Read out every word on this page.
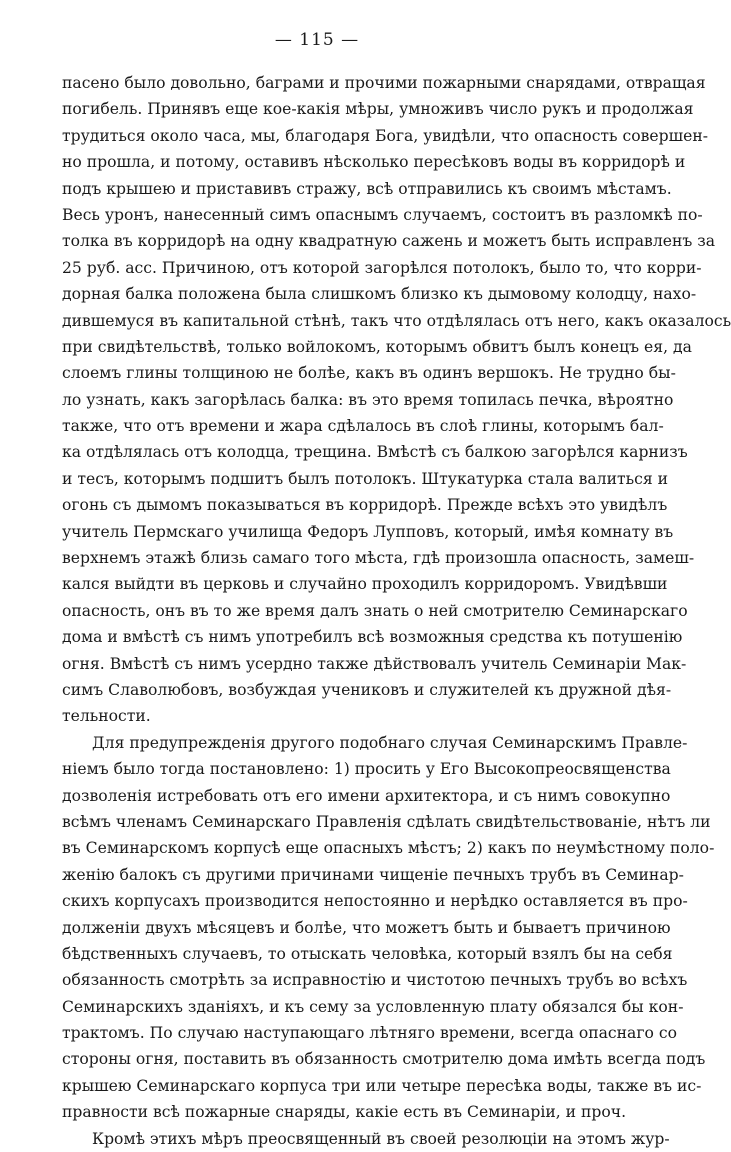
— 115 —
пасено было довольно, баграми и прочими пожарными снарядами, отвращая
погибель. Принявъ еще кое-какія мѣры, умноживъ число рукъ и продолжая
трудиться около часа, мы, благодаря Бога, увидѣли, что опасность совершен-
но прошла, и потому, оставивъ нѣсколько пересѣковъ воды въ корридорѣ и
подъ крышею и приставивъ стражу, всѣ отправились къ своимъ мѣстамъ.
Весь уронъ, нанесенный симъ опаснымъ случаемъ, состоитъ въ разломкѣ по-
толка въ корридорѣ на одну квадратную сажень и можетъ быть исправленъ за
25 руб. асс. Причиною, отъ которой загорѣлся потолокъ, было то, что корри-
дорная балка положена была слишкомъ близко къ дымовому колодцу, нахо-
дившемуся въ капитальной стѣнѣ, такъ что отдѣлялась отъ него, какъ оказалось
при свидѣтельствѣ, только войлокомъ, которымъ обвитъ былъ конецъ ея, да
слоемъ глины толщиною не болѣе, какъ въ одинъ вершокъ. Не трудно бы-
ло узнать, какъ загорѣлась балка: въ это время топилась печка, вѣроятно
также, что отъ времени и жара сдѣлалось въ слоѣ глины, которымъ бал-
ка отдѣлялась отъ колодца, трещина. Вмѣстѣ съ балкою загорѣлся карнизъ
и тесъ, которымъ подшитъ былъ потолокъ. Штукатурка стала валиться и
огонь съ дымомъ показываться въ корридорѣ. Прежде всѣхъ это увидѣлъ
учитель Пермскаго училища Федоръ Лупповъ, который, имѣя комнату въ
верхнемъ этажѣ близь самаго того мѣста, гдѣ произошла опасность, замеш-
кался выйдти въ церковь и случайно проходилъ корридоромъ. Увидѣвши
опасность, онъ въ то же время далъ знать о ней смотрителю Семинарскаго
дома и вмѣстѣ съ нимъ употребилъ всѣ возможныя средства къ потушенію
огня. Вмѣстѣ съ нимъ усердно также дѣйствовалъ учитель Семинаріи Мак-
симъ Славолюбовъ, возбуждая учениковъ и служителей къ дружной дѣя-
тельности.
Для предупрежденія другого подобнаго случая Семинарскимъ Правле-
ніемъ было тогда постановлено: 1) просить у Его Высокопреосвященства
дозволенія истребовать отъ его имени архитектора, и съ нимъ совокупно
всѣмъ членамъ Семинарскаго Правленія сдѣлать свидѣтельствованіе, нѣтъ ли
въ Семинарскомъ корпусѣ еще опасныхъ мѣстъ; 2) какъ по неумѣстному поло-
женію балокъ съ другими причинами чищеніе печныхъ трубъ въ Семинар-
скихъ корпусахъ производится непостоянно и нерѣдко оставляется въ про-
долженіи двухъ мѣсяцевъ и болѣе, что можетъ быть и бываетъ причиною
бѣдственныхъ случаевъ, то отыскать человѣка, который взялъ бы на себя
обязанность смотрѣть за исправностію и чистотою печныхъ трубъ во всѣхъ
Семинарскихъ зданіяхъ, и къ сему за условленную плату обязался бы кон-
трактомъ. По случаю наступающаго лѣтняго времени, всегда опаснаго со
стороны огня, поставить въ обязанность смотрителю дома имѣть всегда подъ
крышею Семинарскаго корпуса три или четыре пересѣка воды, также въ ис-
правности всѣ пожарные снаряды, какіе есть въ Семинаріи, и проч.
Кромѣ этихъ мѣръ преосвященный въ своей резолюціи на этомъ жур-
